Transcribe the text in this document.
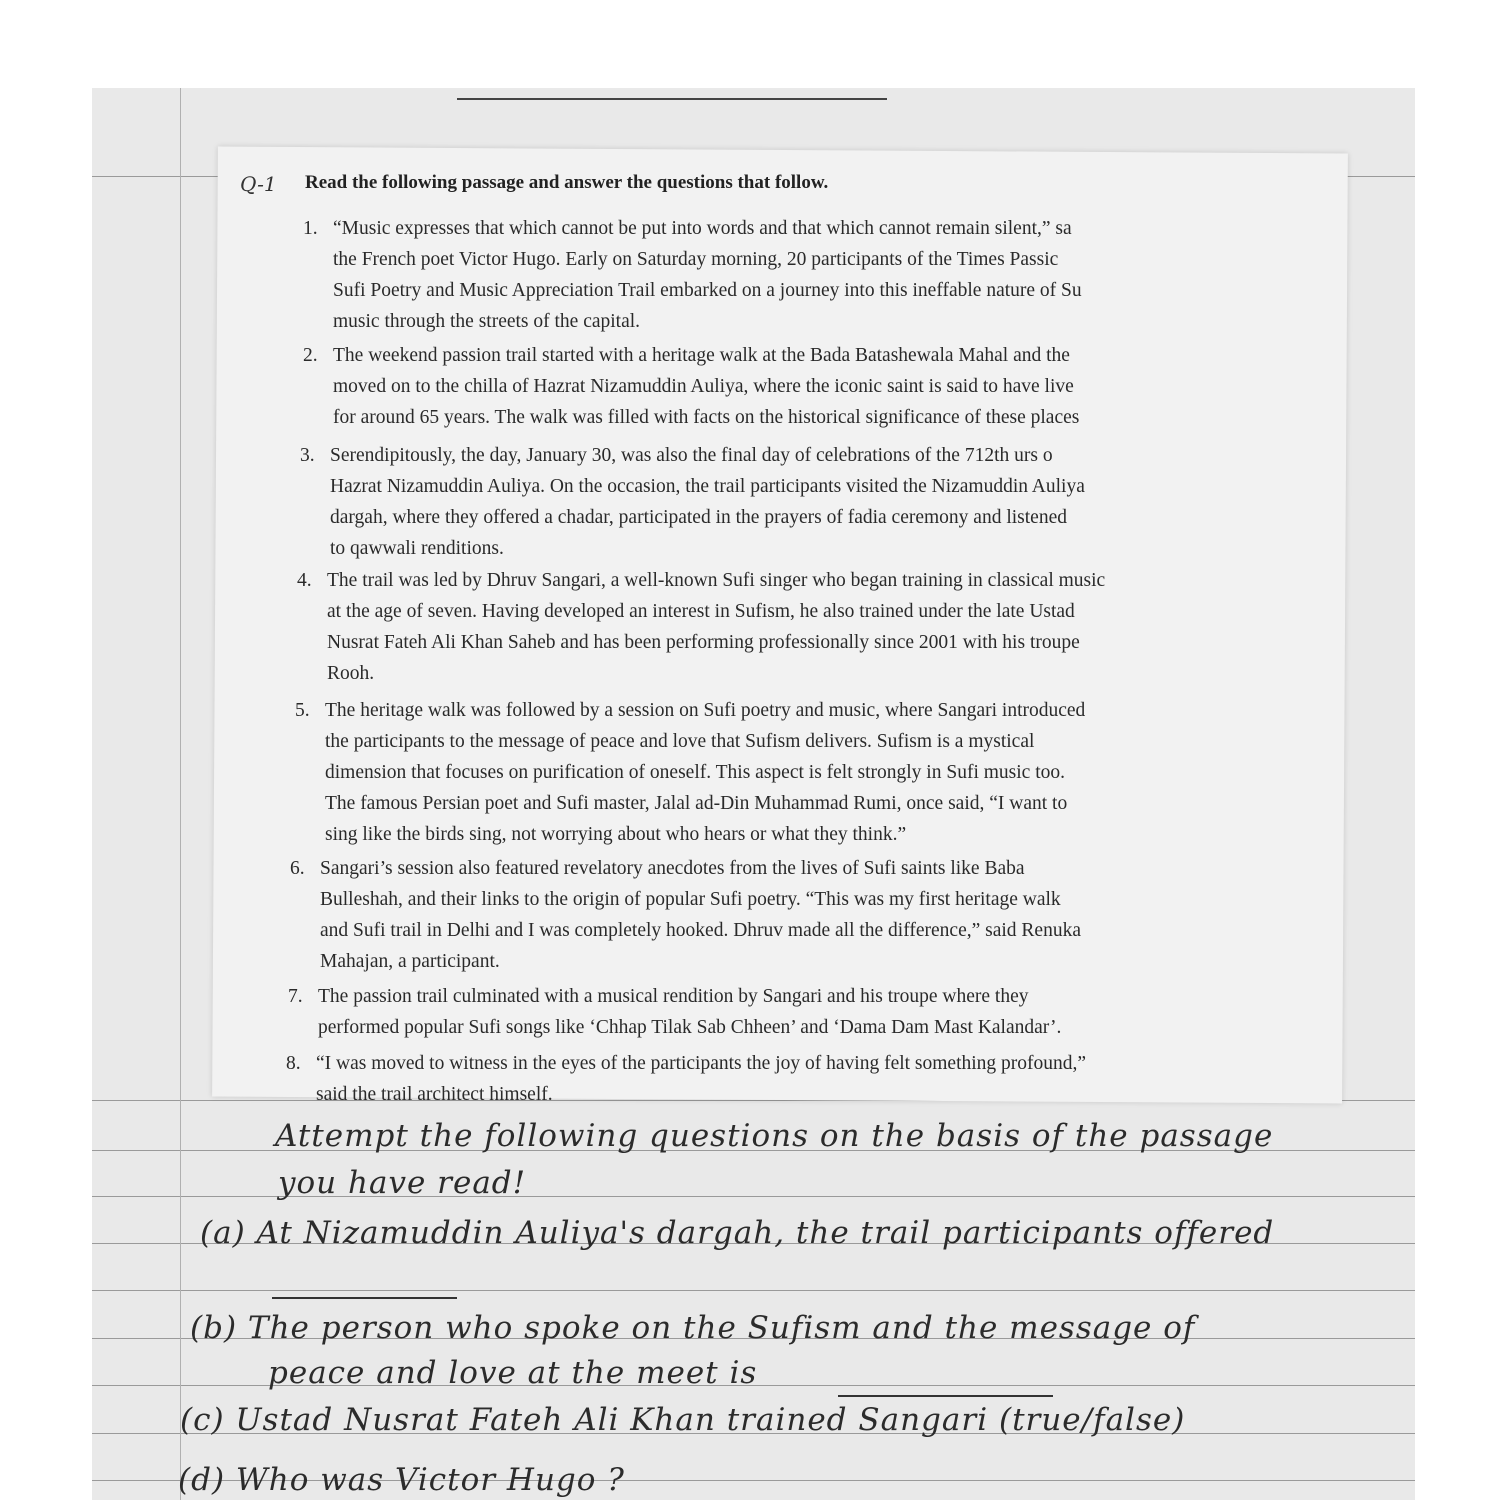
Q-1 Read the following passage and answer the questions that follow.
1. “Music expresses that which cannot be put into words and that which cannot remain silent,” sa
the French poet Victor Hugo. Early on Saturday morning, 20 participants of the Times Passic
Sufi Poetry and Music Appreciation Trail embarked on a journey into this ineffable nature of Su
music through the streets of the capital.
2. The weekend passion trail started with a heritage walk at the Bada Batashewala Mahal and the
moved on to the chilla of Hazrat Nizamuddin Auliya, where the iconic saint is said to have live
for around 65 years. The walk was filled with facts on the historical significance of these places
3. Serendipitously, the day, January 30, was also the final day of celebrations of the 712th urs o
Hazrat Nizamuddin Auliya. On the occasion, the trail participants visited the Nizamuddin Auliya
dargah, where they offered a chadar, participated in the prayers of fadia ceremony and listened
to qawwali renditions.
4. The trail was led by Dhruv Sangari, a well-known Sufi singer who began training in classical music
at the age of seven. Having developed an interest in Sufism, he also trained under the late Ustad
Nusrat Fateh Ali Khan Saheb and has been performing professionally since 2001 with his troupe
Rooh.
5. The heritage walk was followed by a session on Sufi poetry and music, where Sangari introduced
the participants to the message of peace and love that Sufism delivers. Sufism is a mystical
dimension that focuses on purification of oneself. This aspect is felt strongly in Sufi music too.
The famous Persian poet and Sufi master, Jalal ad-Din Muhammad Rumi, once said, “I want to
sing like the birds sing, not worrying about who hears or what they think.”
6. Sangari’s session also featured revelatory anecdotes from the lives of Sufi saints like Baba
Bulleshah, and their links to the origin of popular Sufi poetry. “This was my first heritage walk
and Sufi trail in Delhi and I was completely hooked. Dhruv made all the difference,” said Renuka
Mahajan, a participant.
7. The passion trail culminated with a musical rendition by Sangari and his troupe where they
performed popular Sufi songs like ‘Chhap Tilak Sab Chheen’ and ‘Dama Dam Mast Kalandar’.
8. “I was moved to witness in the eyes of the participants the joy of having felt something profound,”
said the trail architect himself.
Attempt the following questions on the basis of the passage
you have read!
(a) At Nizamuddin Auliya's dargah, the trail participants offered
(b) The person who spoke on the Sufism and the message of
peace and love at the meet is
(c) Ustad Nusrat Fateh Ali Khan trained Sangari (true/false)
(d) Who was Victor Hugo ?
